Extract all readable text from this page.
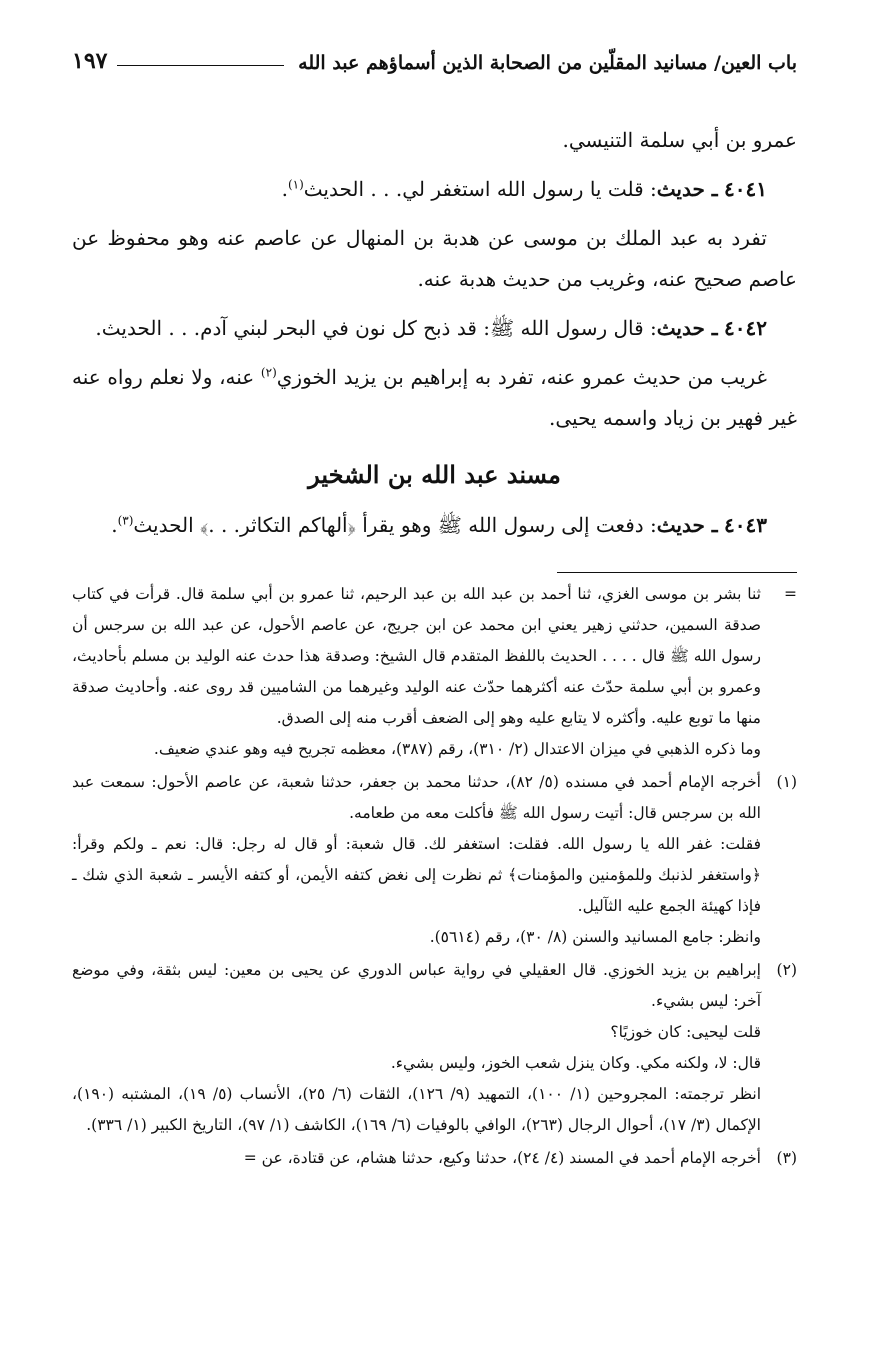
باب العين/ مسانيد المقلّين من الصحابة الذين أسماؤهم عبد الله
١٩٧

عمرو بن أبي سلمة التنيسي.

٤٠٤١ ـ حديث: قلت يا رسول الله استغفر لي. . . الحديث$^{(١)}$.

تفرد به عبد الملك بن موسى عن هدبة بن المنهال عن عاصم عنه وهو محفوظ عن عاصم صحيح عنه، وغريب من حديث هدبة عنه.

٤٠٤٢ ـ حديث: قال رسول الله ﷺ: قد ذبح كل نون في البحر لبني آدم. . . الحديث.

غريب من حديث عمرو عنه، تفرد به إبراهيم بن يزيد الخوزي$^{(٢)}$ عنه، ولا نعلم رواه عنه غير فهير بن زياد واسمه يحيى.

مسند عبد الله بن الشخير

٤٠٤٣ ـ حديث: دفعت إلى رسول الله ﷺ وهو يقرأ ﴿ألهاكم التكاثر. . .﴾ الحديث$^{(٣)}$.

=

ثنا بشر بن موسى الغزي، ثنا أحمد بن عبد الله بن عبد الرحيم، ثنا عمرو بن أبي سلمة قال. قرأت في كتاب صدقة السمين، حدثني زهير يعني ابن محمد عن ابن جريج، عن عاصم الأحول، عن عبد الله بن سرجس أن رسول الله ﷺ قال . . . . الحديث باللفظ المتقدم قال الشيخ: وصدقة هذا حدث عنه الوليد بن مسلم بأحاديث، وعمرو بن أبي سلمة حدّث عنه أكثرهما حدّث عنه الوليد وغيرهما من الشاميين قد روى عنه. وأحاديث صدقة منها ما توبع عليه. وأكثره لا يتابع عليه وهو إلى الضعف أقرب منه إلى الصدق.

وما ذكره الذهبي في ميزان الاعتدال (٢/ ٣١٠)، رقم (٣٨٧)، معظمه تجريح فيه وهو عندي ضعيف.

(١)

أخرجه الإمام أحمد في مسنده (٥/ ٨٢)، حدثنا محمد بن جعفر، حدثنا شعبة، عن عاصم الأحول: سمعت عبد الله بن سرجس قال: أتيت رسول الله ﷺ فأكلت معه من طعامه.

فقلت: غفر الله يا رسول الله. فقلت: استغفر لك. قال شعبة: أو قال له رجل: قال: نعم ـ ولكم وقرأ: ﴿واستغفر لذنبك وللمؤمنين والمؤمنات﴾ ثم نظرت إلى نغض كتفه الأيمن، أو كتفه الأيسر ـ شعبة الذي شك ـ فإذا كهيئة الجمع عليه الثآليل.

وانظر: جامع المسانيد والسنن (٨/ ٣٠)، رقم (٥٦١٤).

(٢)

إبراهيم بن يزيد الخوزي. قال العقيلي في رواية عباس الدوري عن يحيى بن معين: ليس بثقة، وفي موضع آخر: ليس بشيء.

قلت ليحيى: كان خوزيًا؟

قال: لا، ولكنه مكي. وكان ينزل شعب الخوز، وليس بشيء.

انظر ترجمته: المجروحين (١/ ١٠٠)، التمهيد (٩/ ١٢٦)، الثقات (٦/ ٢٥)، الأنساب (٥/ ١٩)، المشتبه (١٩٠)، الإكمال (٣/ ١٧)، أحوال الرجال (٢٦٣)، الوافي بالوفيات (٦/ ١٦٩)، الكاشف (١/ ٩٧)، التاريخ الكبير (١/ ٣٣٦).

(٣)

أخرجه الإمام أحمد في المسند (٤/ ٢٤)، حدثنا وكيع، حدثنا هشام، عن قتادة، عن =
